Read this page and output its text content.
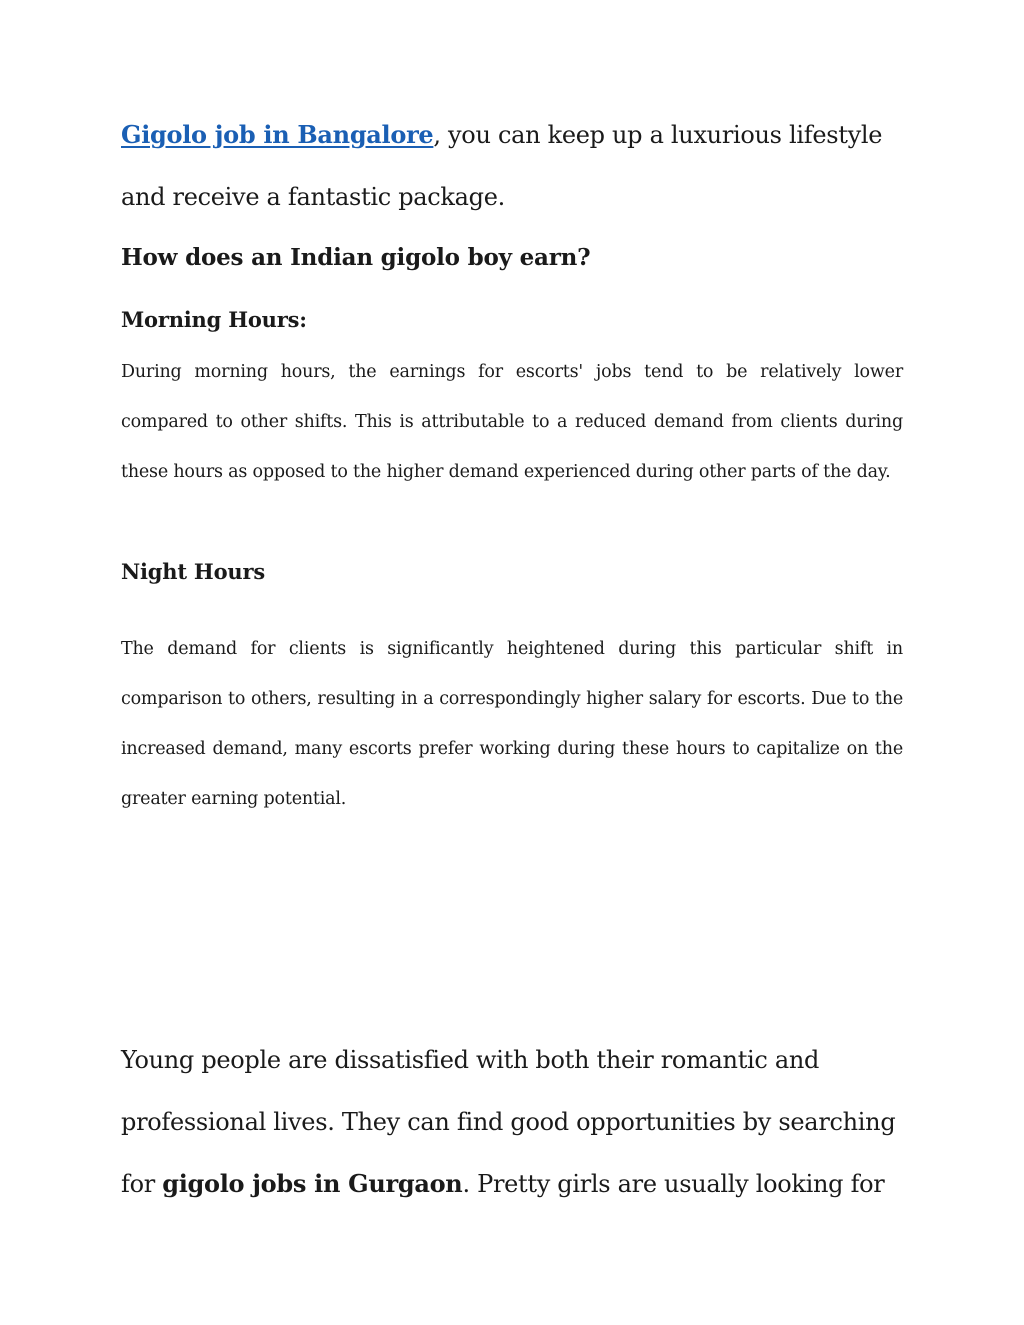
Gigolo job in Bangalore, you can keep up a luxurious lifestyle and receive a fantastic package.

How does an Indian gigolo boy earn?
Morning Hours:

During morning hours, the earnings for escorts' jobs tend to be relatively lower compared to other shifts. This is attributable to a reduced demand from clients during these hours as opposed to the higher demand experienced during other parts of the day.

Night Hours

The demand for clients is significantly heightened during this particular shift in comparison to others, resulting in a correspondingly higher salary for escorts. Due to the increased demand, many escorts prefer working during these hours to capitalize on the greater earning potential.

Young people are dissatisfied with both their romantic and professional lives. They can find good opportunities by searching for gigolo jobs in Gurgaon. Pretty girls are usually looking for
